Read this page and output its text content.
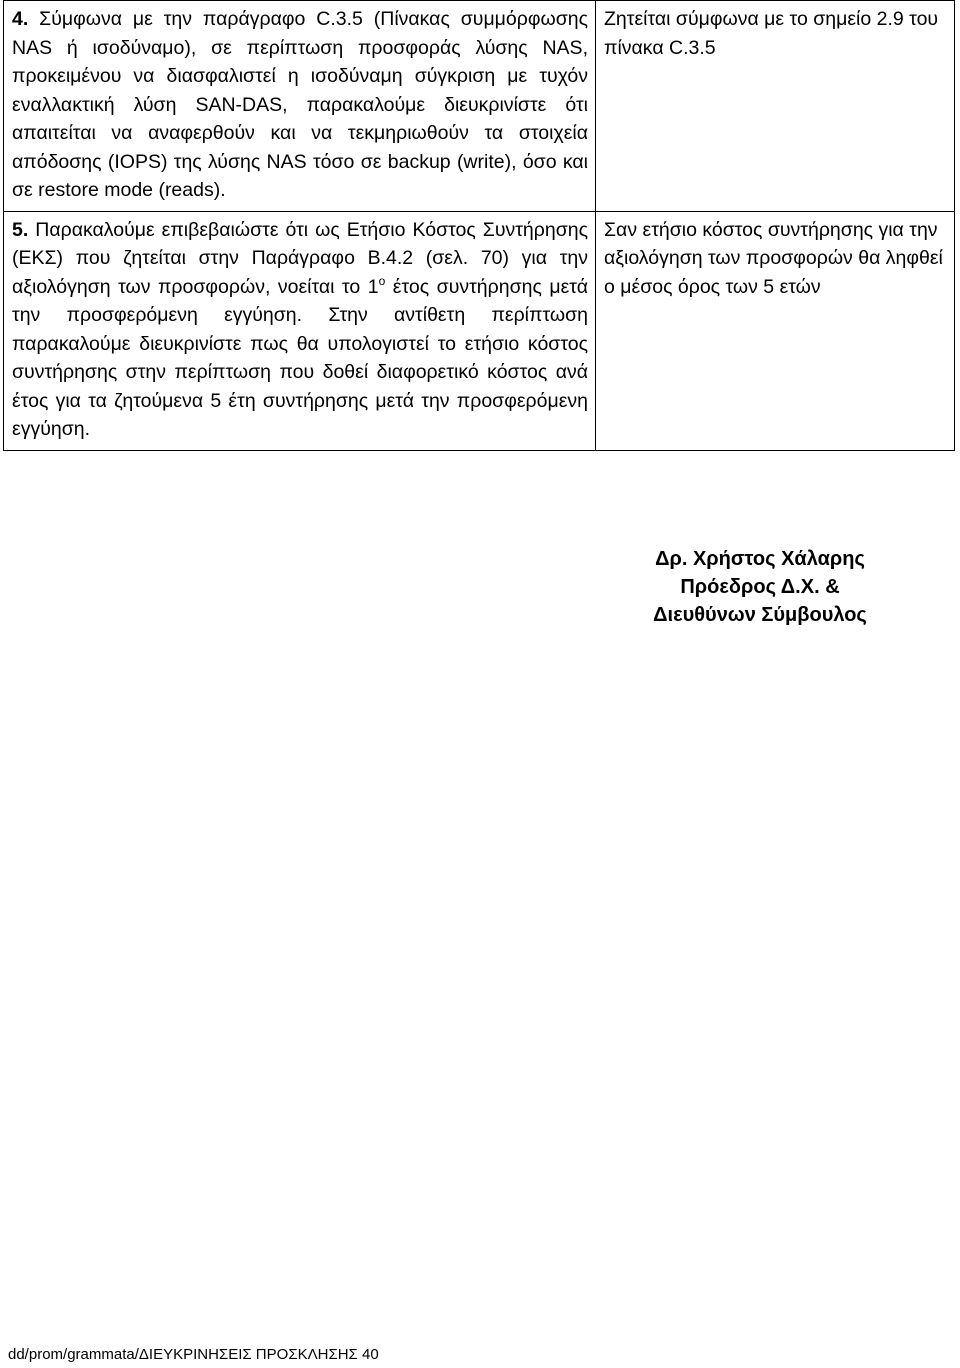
4. Σύμφωνα με την παράγραφο C.3.5 (Πίνακας συμμόρφωσης NAS ή ισοδύναμο), σε περίπτωση προσφοράς λύσης NAS, προκειμένου να διασφαλιστεί η ισοδύναμη σύγκριση με τυχόν εναλλακτική λύση SAN-DAS, παρακαλούμε διευκρινίστε ότι απαιτείται να αναφερθούν και να τεκμηριωθούν τα στοιχεία απόδοσης (IOPS) της λύσης NAS τόσο σε backup (write), όσο και σε restore mode (reads).	Ζητείται σύμφωνα με το σημείο 2.9 του πίνακα C.3.5
5. Παρακαλούμε επιβεβαιώστε ότι ως Ετήσιο Κόστος Συντήρησης (ΕΚΣ) που ζητείται στην Παράγραφο Β.4.2 (σελ. 70) για την αξιολόγηση των προσφορών, νοείται το $1^o$ έτος συντήρησης μετά την προσφερόμενη εγγύηση. Στην αντίθετη περίπτωση παρακαλούμε διευκρινίστε πως θα υπολογιστεί το ετήσιο κόστος συντήρησης στην περίπτωση που δοθεί διαφορετικό κόστος ανά έτος για τα ζητούμενα 5 έτη συντήρησης μετά την προσφερόμενη εγγύηση.	Σαν ετήσιο κόστος συντήρησης για την αξιολόγηση των προσφορών θα ληφθεί ο μέσος όρος των 5 ετών
Δρ. Χρήστος Χάλαρης
Πρόεδρος Δ.Χ. &
Διευθύνων Σύμβουλος
dd/prom/grammata/ΔΙΕΥΚΡΙΝΗΣΕΙΣ ΠΡΟΣΚΛΗΣΗΣ 40
